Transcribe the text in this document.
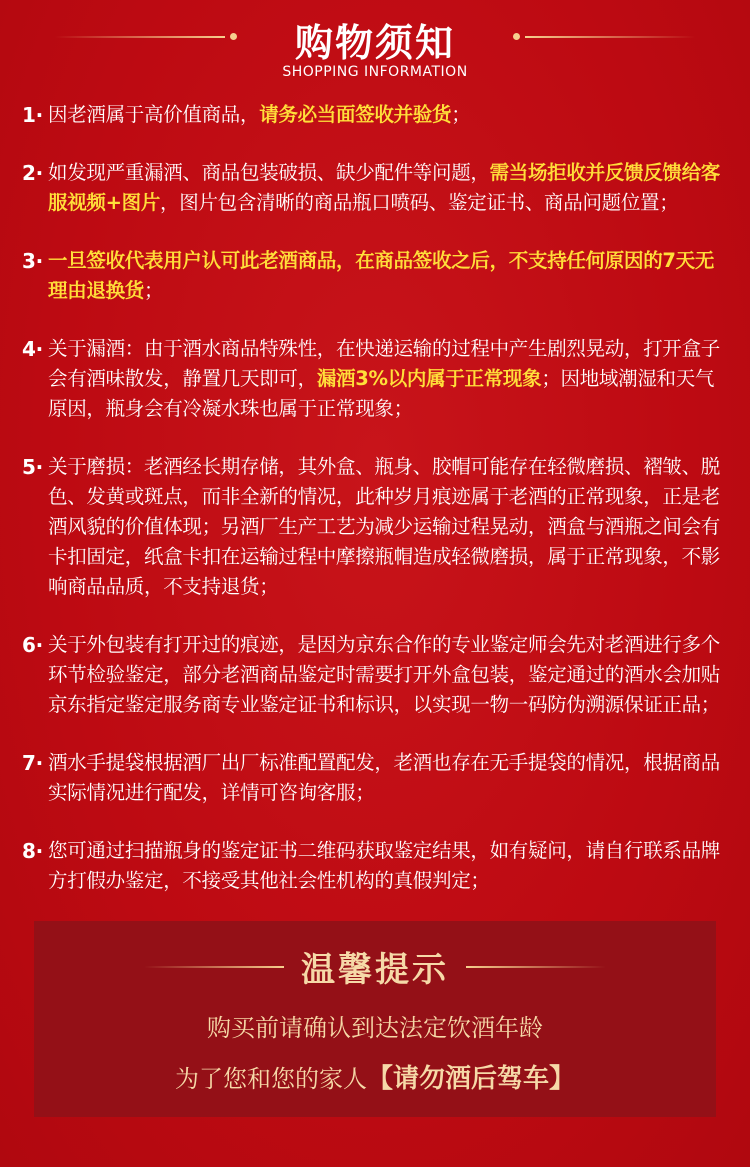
购物须知
SHOPPING INFORMATION
1· 因老酒属于高价值商品，请务必当面签收并验货；
2· 如发现严重漏酒、商品包装破损、缺少配件等问题，需当场拒收并反馈反馈给客服视频+图片，图片包含清晰的商品瓶口喷码、鉴定证书、商品问题位置；
3· 一旦签收代表用户认可此老酒商品，在商品签收之后，不支持任何原因的7天无理由退换货；
4· 关于漏酒：由于酒水商品特殊性，在快递运输的过程中产生剧烈晃动，打开盒子会有酒味散发，静置几天即可，漏酒3%以内属于正常现象；因地域潮湿和天气原因，瓶身会有冷凝水珠也属于正常现象；
5· 关于磨损：老酒经长期存储，其外盒、瓶身、胶帽可能存在轻微磨损、褶皱、脱色、发黄或斑点，而非全新的情况，此种岁月痕迹属于老酒的正常现象，正是老酒风貌的价值体现；另酒厂生产工艺为减少运输过程晃动，酒盒与酒瓶之间会有卡扣固定，纸盒卡扣在运输过程中摩擦瓶帽造成轻微磨损，属于正常现象，不影响商品品质，不支持退货；
6· 关于外包装有打开过的痕迹，是因为京东合作的专业鉴定师会先对老酒进行多个环节检验鉴定，部分老酒商品鉴定时需要打开外盒包装，鉴定通过的酒水会加贴京东指定鉴定服务商专业鉴定证书和标识，以实现一物一码防伪溯源保证正品；
7· 酒水手提袋根据酒厂出厂标准配置配发，老酒也存在无手提袋的情况，根据商品实际情况进行配发，详情可咨询客服；
8· 您可通过扫描瓶身的鉴定证书二维码获取鉴定结果，如有疑问，请自行联系品牌方打假办鉴定，不接受其他社会性机构的真假判定；
温馨提示
购买前请确认到达法定饮酒年龄
为了您和您的家人【请勿酒后驾车】
